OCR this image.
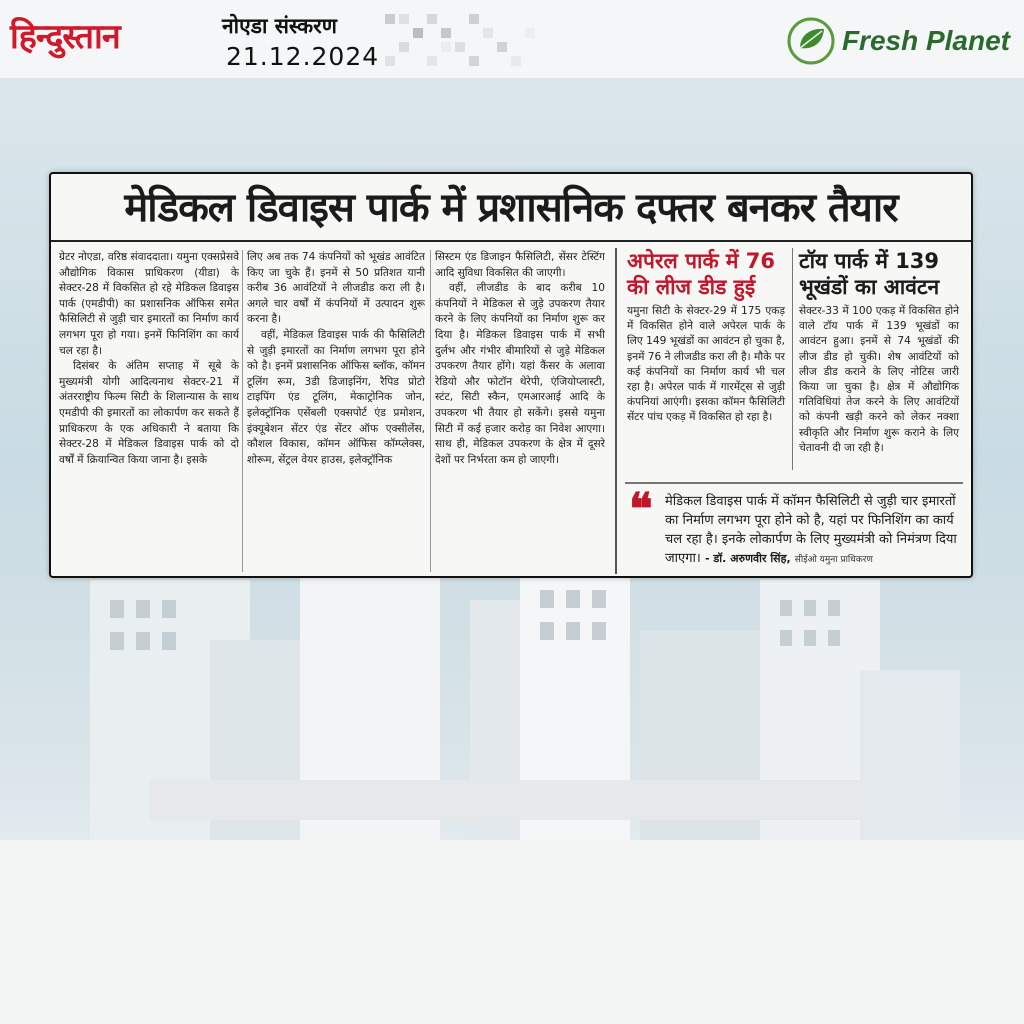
हिन्दुस्तान	नोएडा संस्करण
21.12.2024
Fresh Planet
मेडिकल डिवाइस पार्क में प्रशासनिक दफ्तर बनकर तैयार

ग्रेटर नोएडा, वरिष्ठ संवाददाता। यमुना एक्सप्रेसवे औद्योगिक विकास प्राधिकरण (यीडा) के सेक्टर-28 में विकसित हो रहे मेडिकल डिवाइस पार्क (एमडीपी) का प्रशासनिक ऑफिस समेत फैसिलिटी से जुड़ी चार इमारतों का निर्माण कार्य लगभग पूरा हो गया। इनमें फिनिशिंग का कार्य चल रहा है।

दिसंबर के अंतिम सप्ताह में सूबे के मुख्यमंत्री योगी आदित्यनाथ सेक्टर-21 में अंतरराष्ट्रीय फिल्म सिटी के शिलान्यास के साथ एमडीपी की इमारतों का लोकार्पण कर सकते हैं प्राधिकरण के एक अधिकारी ने बताया कि सेक्टर-28 में मेडिकल डिवाइस पार्क को दो वर्षों में क्रियान्वित किया जाना है। इसके

लिए अब तक 74 कंपनियों को भूखंड आवंटित किए जा चुके हैं। इनमें से 50 प्रतिशत यानी करीब 36 आवंटियों ने लीजडीड करा ली है। अगले चार वर्षों में कंपनियों में उत्पादन शुरू करना है।

वहीं, मेडिकल डिवाइस पार्क की फैसिलिटी से जुड़ी इमारतों का निर्माण लगभग पूरा होने को है। इनमें प्रशासनिक ऑफिस ब्लॉक, कॉमन टूलिंग रूम, 3डी डिजाइनिंग, रैपिड प्रोटो टाइपिंग एंड टूलिंग, मेकाट्रोनिक जोन, इलेक्ट्रॉनिक एसेंबली एक्सपोर्ट एंड प्रमोशन, इंक्यूबेशन सेंटर एंड सेंटर ऑफ एक्सीलेंस, कौशल विकास, कॉमन ऑफिस कॉम्प्लेक्स, शोरूम, सेंट्रल वेयर हाउस, इलेक्ट्रॉनिक

सिस्टम एंड डिजाइन फैसिलिटी, सेंसर टेस्टिंग आदि सुविधा विकसित की जाएगी।

वहीं, लीजडीड के बाद करीब 10 कंपनियों ने मेडिकल से जुड़े उपकरण तैयार करने के लिए कंपनियों का निर्माण शुरू कर दिया है। मेडिकल डिवाइस पार्क में सभी दुर्लभ और गंभीर बीमारियों से जुड़े मेडिकल उपकरण तैयार होंगे। यहां कैंसर के अलावा रेडियो और फोटॉन थेरेपी, एंजियोप्लास्टी, स्टंट, सिटी स्कैन, एमआरआई आदि के उपकरण भी तैयार हो सकेंगे। इससे यमुना सिटी में कई हजार करोड़ का निवेश आएगा। साथ ही, मेडिकल उपकरण के क्षेत्र में दूसरे देशों पर निर्भरता कम हो जाएगी।

अपेरल पार्क में 76 की लीज डीड हुई
यमुना सिटी के सेक्टर-29 में 175 एकड़ में विकसित होने वाले अपेरल पार्क के लिए 149 भूखंडों का आवंटन हो चुका है, इनमें 76 ने लीजडीड करा ली है। मौके पर कई कंपनियों का निर्माण कार्य भी चल रहा है। अपेरल पार्क में गारमेंट्स से जुड़ी कंपनियां आएंगी। इसका कॉमन फैसिलिटी सेंटर पांच एकड़ में विकसित हो रहा है।
टॉय पार्क में 139 भूखंडों का आवंटन
सेक्टर-33 में 100 एकड़ में विकसित होने वाले टॉय पार्क में 139 भूखंडों का आवंटन हुआ। इनमें से 74 भूखंडों की लीज डीड हो चुकी। शेष आवंटियों को लीज डीड कराने के लिए नोटिस जारी किया जा चुका है। क्षेत्र में औद्योगिक गतिविधियां तेज करने के लिए आवंटियों को कंपनी खड़ी करने को लेकर नक्शा स्वीकृति और निर्माण शुरू कराने के लिए चेतावनी दी जा रही है।
❝ मेडिकल डिवाइस पार्क में कॉमन फैसिलिटी से जुड़ी चार इमारतों का निर्माण लगभग पूरा होने को है, यहां पर फिनिशिंग का कार्य चल रहा है। इनके लोकार्पण के लिए मुख्यमंत्री को निमंत्रण दिया जाएगा। - डॉ. अरुणवीर सिंह, सीईओ यमुना प्राधिकरण
